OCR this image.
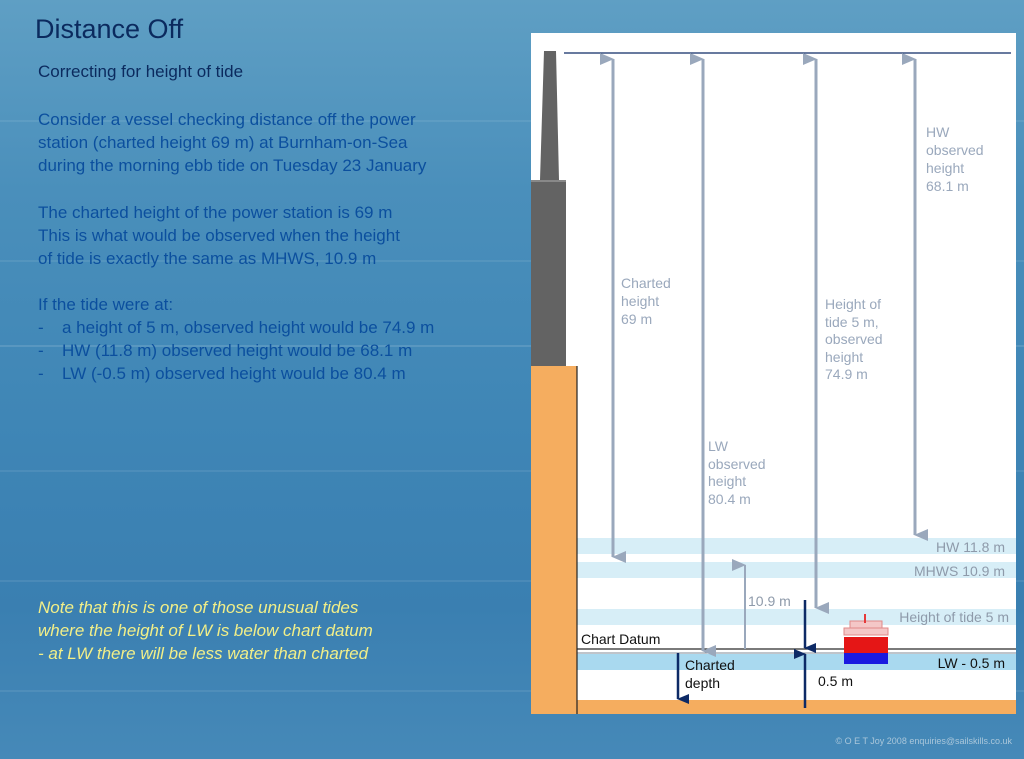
Distance Off
Correcting for height of tide

Consider a vessel checking distance off the power

station (charted height 69 m) at Burnham-on-Sea

during the morning ebb tide on Tuesday 23 January

The charted height of the power station is 69 m

This is what would be observed when the height

of tide is exactly the same as MHWS, 10.9 m

If the tide were at:

-	a height of 5 m, observed height would be 74.9 m
-	HW (11.8 m) observed height would be 68.1 m
-	LW (-0.5 m) observed height would be 80.4 m
Note that this is one of those unusual tides
where the height of LW is below chart datum
- at LW there will be less water than charted
© O E T Joy 2008 enquiries@sailskills.co.uk
Charted height 69 m
HW observed height 68.1 m
Height of tide 5 m, observed height 74.9 m
LW observed height 80.4 m
HW 11.8 m
MHWS 10.9 m
Height of tide 5 m
LW - 0.5 m
Chart Datum
10.9 m
Charted depth	0.5 m
